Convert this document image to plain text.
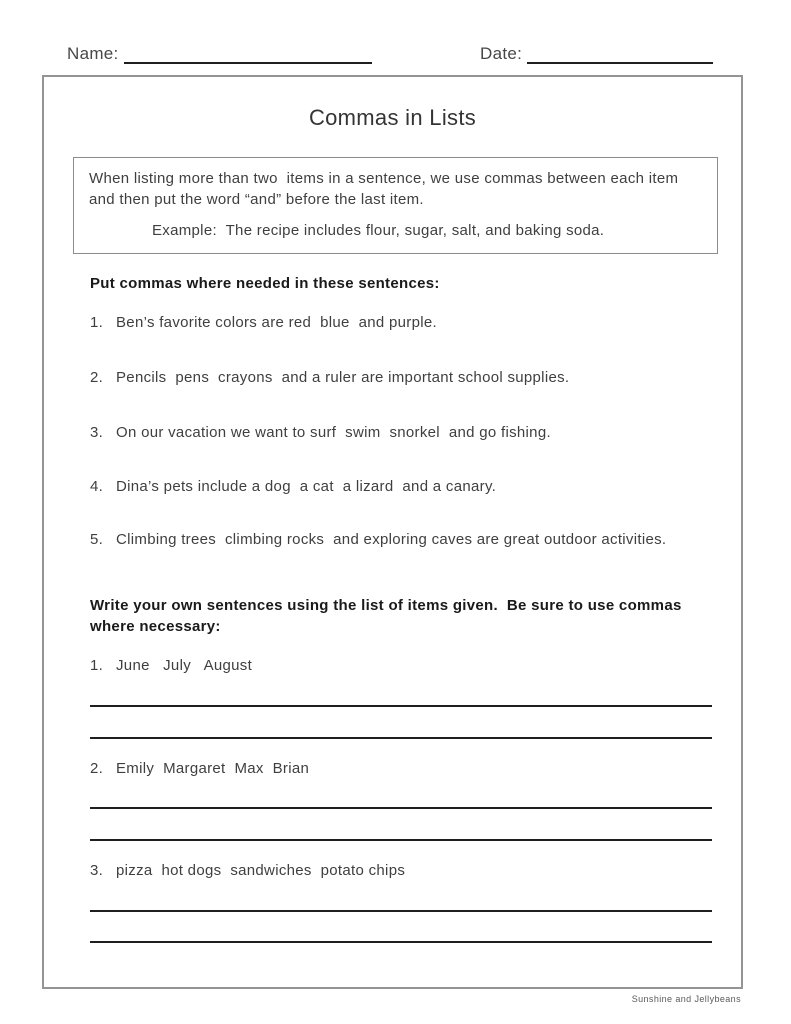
Name:	Date:
Commas in Lists
When listing more than two  items in a sentence, we use commas between each item and then put the word “and” before the last item.
Example:  The recipe includes flour, sugar, salt, and baking soda.
Put commas where needed in these sentences:
1. Ben’s favorite colors are red  blue  and purple.
2. Pencils  pens  crayons  and a ruler are important school supplies.
3. On our vacation we want to surf  swim  snorkel  and go fishing.
4. Dina’s pets include a dog  a cat  a lizard  and a canary.
5. Climbing trees  climbing rocks  and exploring caves are great outdoor activities.
Write your own sentences using the list of items given.  Be sure to use commas where necessary:
1. June   July   August
2. Emily  Margaret  Max  Brian
3. pizza  hot dogs  sandwiches  potato chips
Sunshine and Jellybeans
